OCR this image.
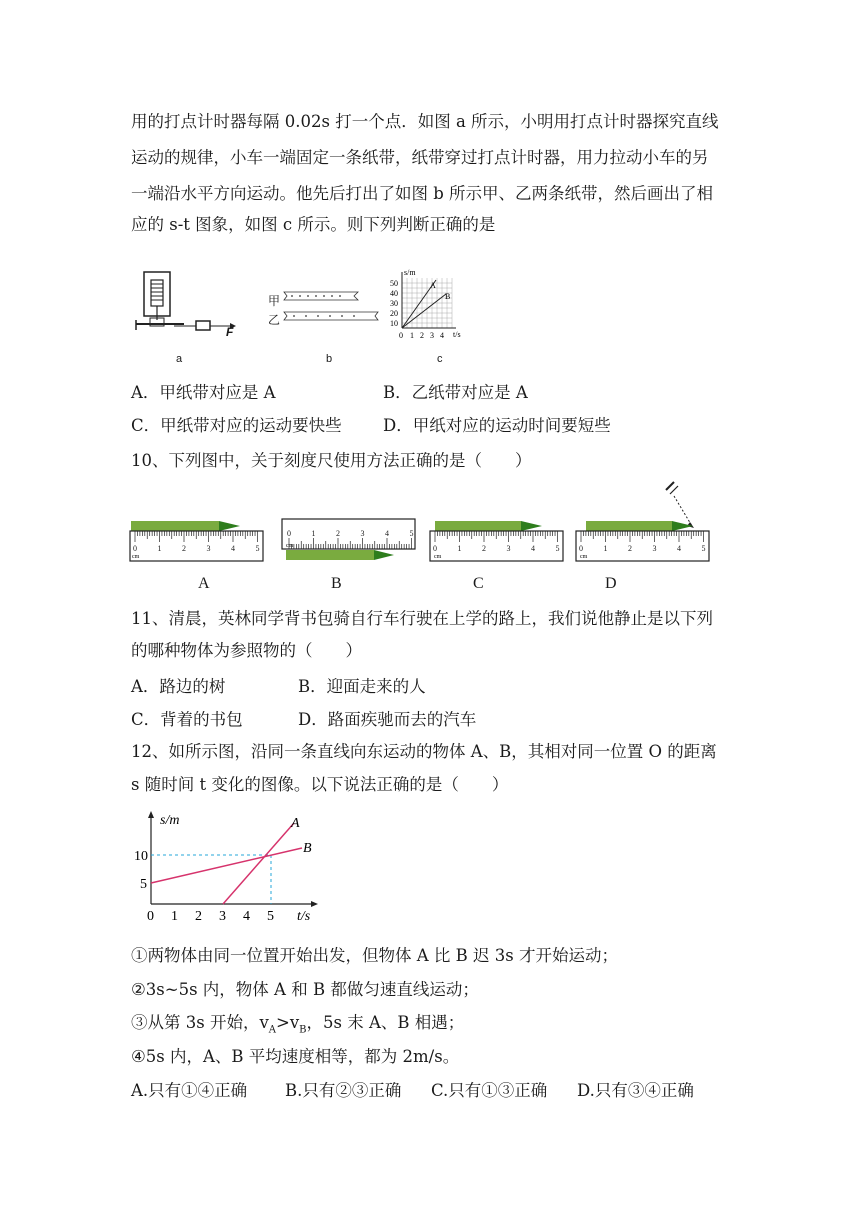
用的打点计时器每隔 0.02s 打一个点．如图 a 所示，小明用打点计时器探究直线
运动的规律，小车一端固定一条纸带，纸带穿过打点计时器，用力拉动小车的另
一端沿水平方向运动。他先后打出了如图 b 所示甲、乙两条纸带，然后画出了相
应的 s-t 图象，如图 c 所示。则下列判断正确的是
F
a
甲
乙
b
s/m
t/s
50
40
30
20
10
0 1 2 3 4
A
B
c
A．甲纸带对应是 A	B．乙纸带对应是 A
C．甲纸带对应的运动要快些	D．甲纸对应的运动时间要短些
10、下列图中，关于刻度尺使用方法正确的是（　　）
0	1	2	3	4	5
cm
0	1	2	3	4	5
cm	0	1	2	3	4	5
cm
0	1	2	3	4	5
cm
A	B	C	D
11、清晨，英林同学背书包骑自行车行驶在上学的路上，我们说他静止是以下列
的哪种物体为参照物的（　　）
A．路边的树	B．迎面走来的人
C．背着的书包	D．路面疾驰而去的汽车
12、如所示图，沿同一条直线向东运动的物体 A、B，其相对同一位置 O 的距离
s 随时间 t 变化的图像。以下说法正确的是（　　）
s/m
t/s
5
10
0 1 2 3 4 5
A
B
①两物体由同一位置开始出发，但物体 A 比 B 迟 3s 才开始运动；
②3s~5s 内，物体 A 和 B 都做匀速直线运动；
③从第 3s 开始，$v_A>v_B$，5s 末 A、B 相遇；
④5s 内，A、B 平均速度相等，都为 2m/s。
A.只有①④正确 B.只有②③正确 C.只有①③正确 D.只有③④正确
